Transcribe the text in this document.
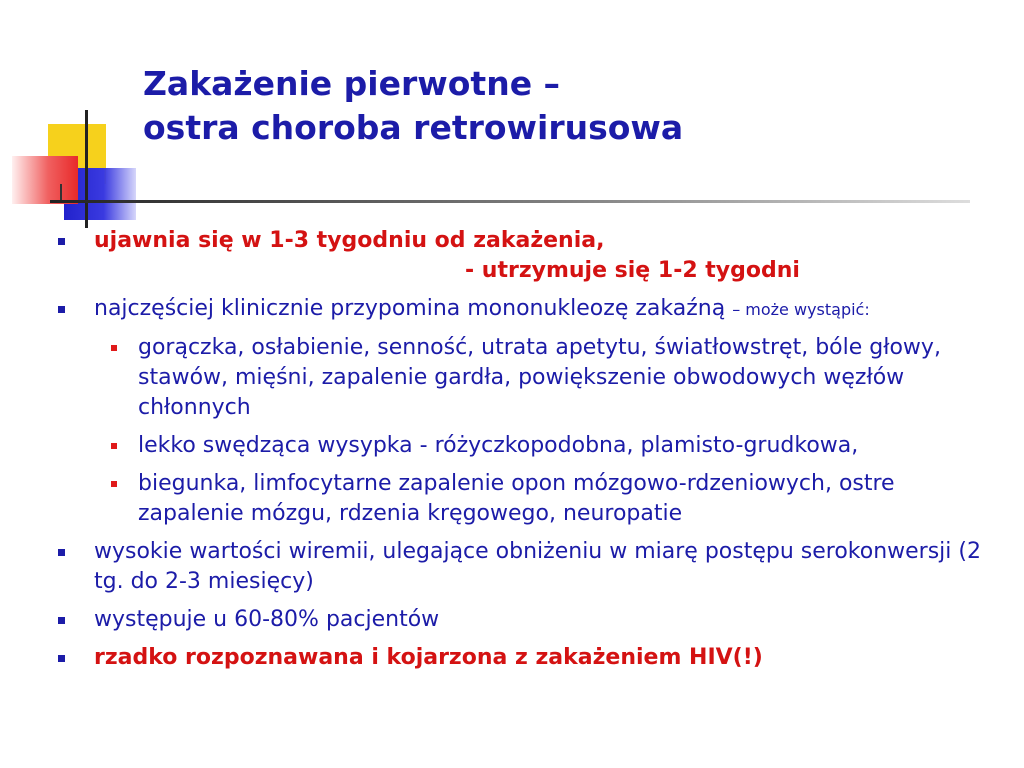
Zakażenie pierwotne –
ostra choroba retrowirusowa
ujawnia się w 1-3 tygodniu od zakażenia,
- utrzymuje się 1-2 tygodni
najczęściej klinicznie przypomina mononukleozę zakaźną – może wystąpić:
gorączka, osłabienie, senność, utrata apetytu, światłowstręt, bóle głowy, stawów, mięśni, zapalenie gardła, powiększenie obwodowych węzłów chłonnych
lekko swędząca wysypka - różyczkopodobna, plamisto-grudkowa,
biegunka, limfocytarne zapalenie opon mózgowo-rdzeniowych, ostre zapalenie mózgu, rdzenia kręgowego, neuropatie
wysokie wartości wiremii, ulegające obniżeniu w miarę postępu serokonwersji (2 tg. do 2-3 miesięcy)
występuje u 60-80% pacjentów
rzadko rozpoznawana i kojarzona z zakażeniem HIV(!)
